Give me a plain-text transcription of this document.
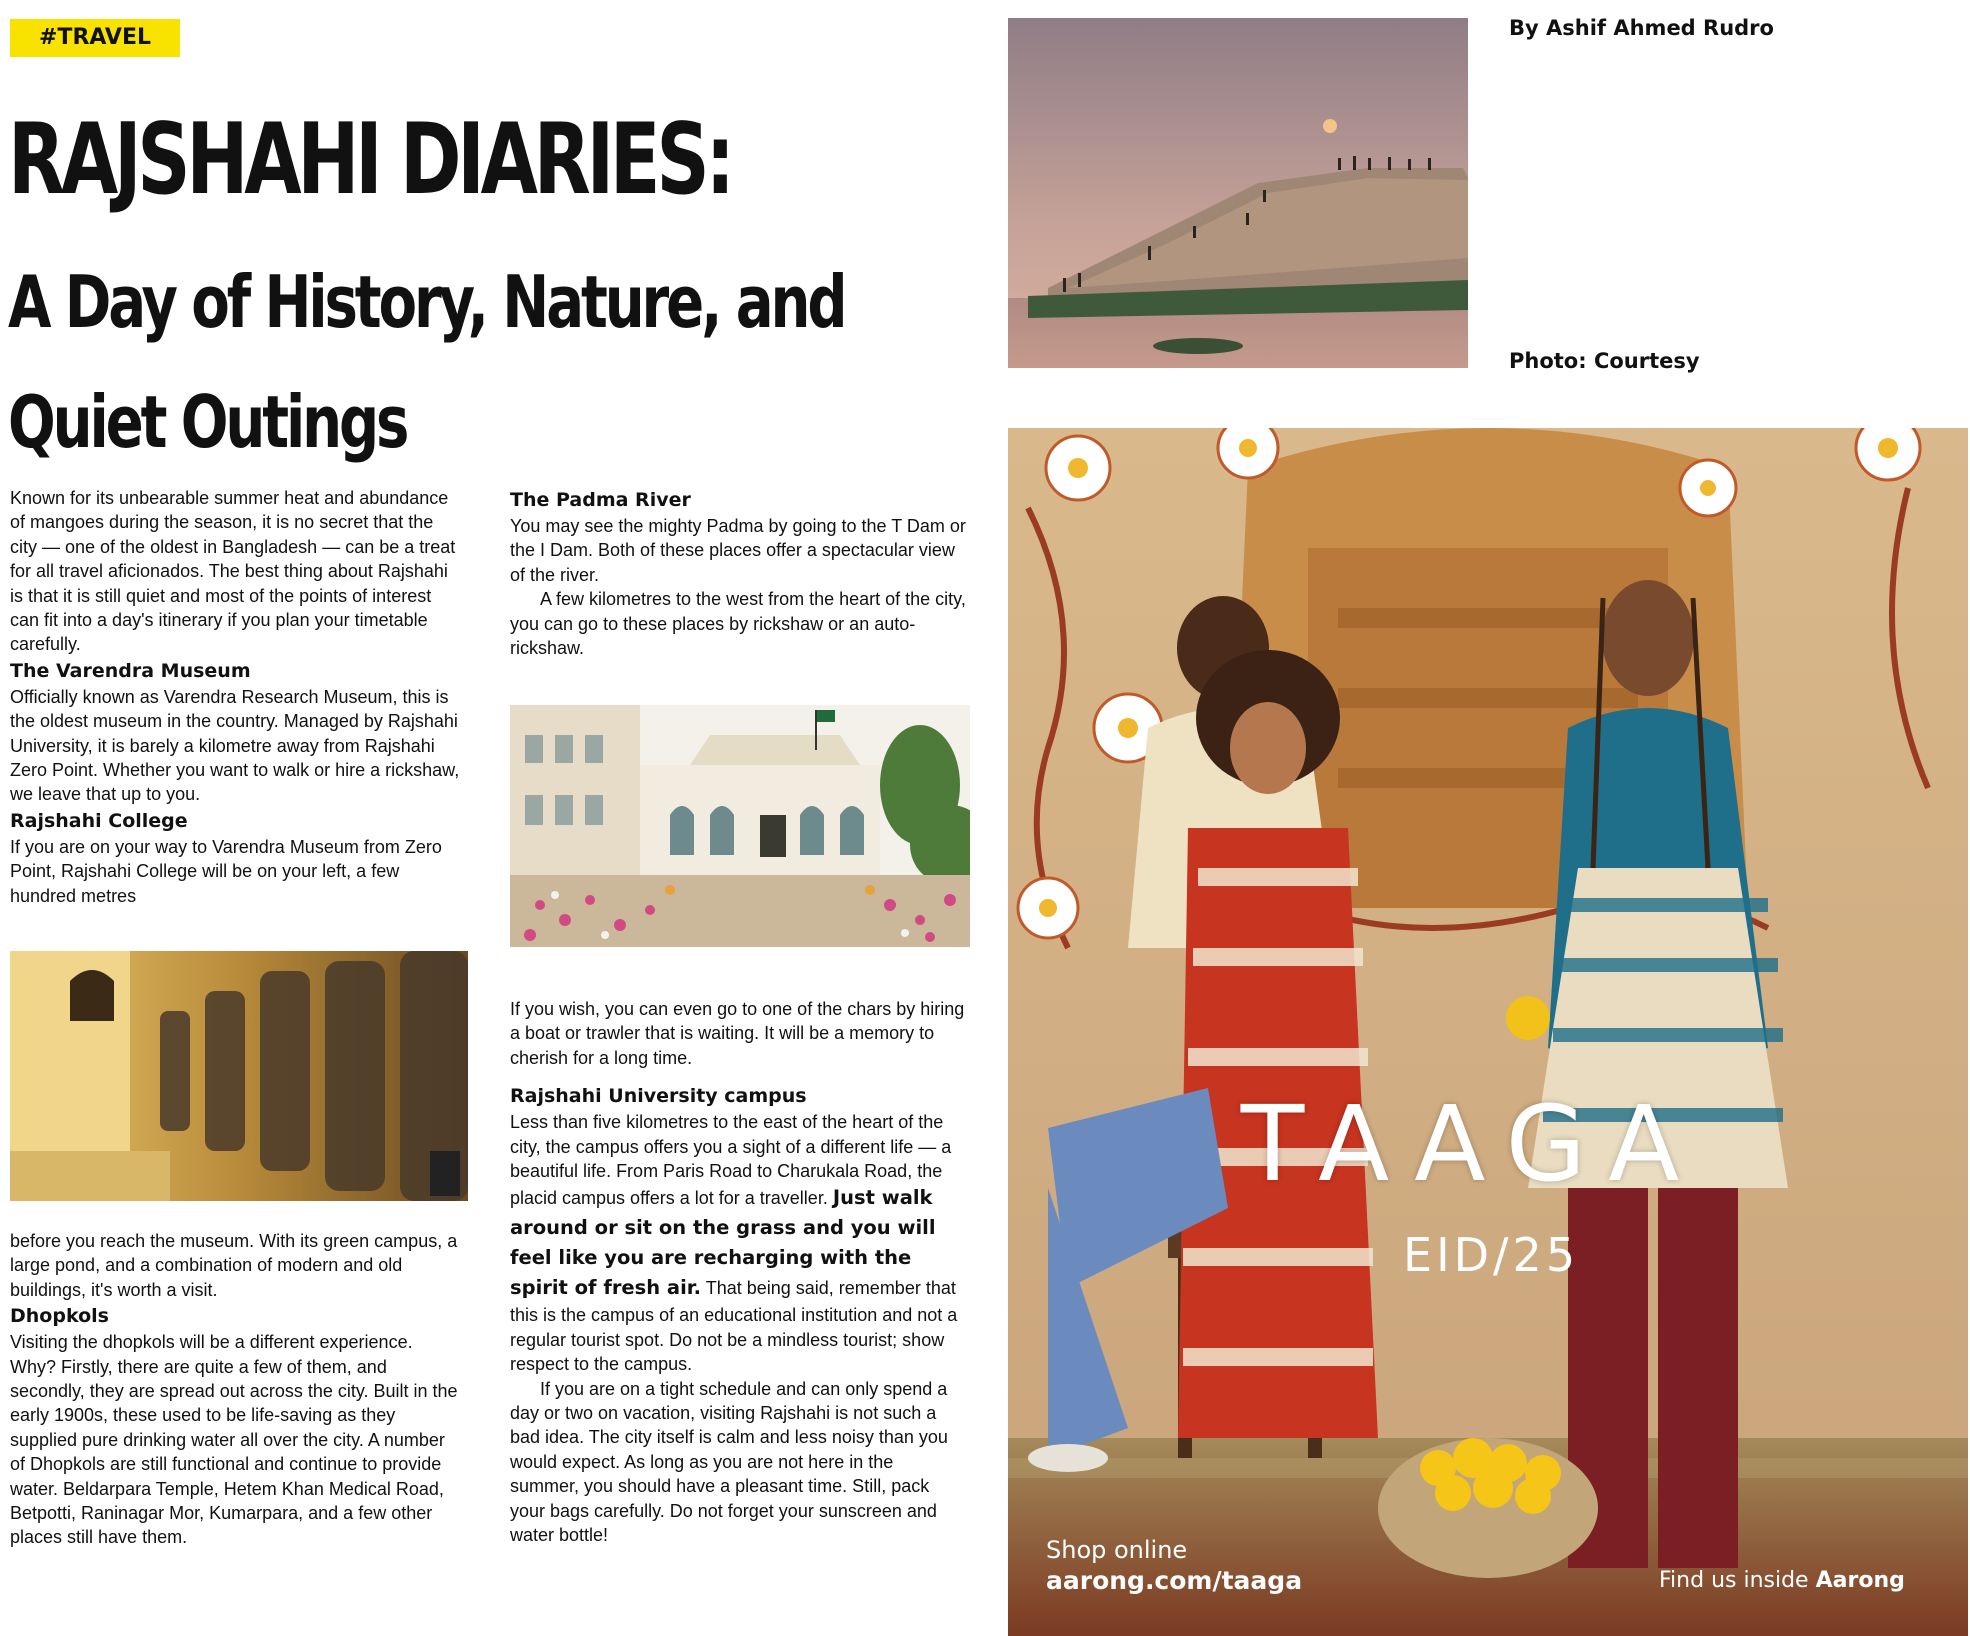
#TRAVEL
RAJSHAHI DIARIES:
A Day of History, Nature, and Quiet Outings
By Ashif Ahmed Rudro
Photo: Courtesy

Known for its unbearable summer heat and abundance of mangoes during the season, it is no secret that the city — one of the oldest in Bangladesh — can be a treat for all travel aficionados. The best thing about Rajshahi is that it is still quiet and most of the points of interest can fit into a day's itinerary if you plan your timetable carefully.

The Varendra Museum

Officially known as Varendra Research Museum, this is the oldest museum in the country. Managed by Rajshahi University, it is barely a kilometre away from Rajshahi Zero Point. Whether you want to walk or hire a rickshaw, we leave that up to you.

Rajshahi College

If you are on your way to Varendra Museum from Zero Point, Rajshahi College will be on your left, a few hundred metres

before you reach the museum. With its green campus, a large pond, and a combination of modern and old buildings, it's worth a visit.

Dhopkols

Visiting the dhopkols will be a different experience. Why? Firstly, there are quite a few of them, and secondly, they are spread out across the city. Built in the early 1900s, these used to be life-saving as they supplied pure drinking water all over the city. A number of Dhopkols are still functional and continue to provide water. Beldarpara Temple, Hetem Khan Medical Road, Betpotti, Raninagar Mor, Kumarpara, and a few other places still have them.

The Padma River

You may see the mighty Padma by going to the T Dam or the I Dam. Both of these places offer a spectacular view of the river.

A few kilometres to the west from the heart of the city, you can go to these places by rickshaw or an auto-rickshaw.

If you wish, you can even go to one of the chars by hiring a boat or trawler that is waiting. It will be a memory to cherish for a long time.

Rajshahi University campus

Less than five kilometres to the east of the heart of the city, the campus offers you a sight of a different life — a beautiful life. From Paris Road to Charukala Road, the placid campus offers a lot for a traveller. Just walk around or sit on the grass and you will feel like you are recharging with the spirit of fresh air. That being said, remember that this is the campus of an educational institution and not a regular tourist spot. Do not be a mindless tourist; show respect to the campus.

If you are on a tight schedule and can only spend a day or two on vacation, visiting Rajshahi is not such a bad idea. The city itself is calm and less noisy than you would expect. As long as you are not here in the summer, you should have a pleasant time. Still, pack your bags carefully. Do not forget your sunscreen and water bottle!

TAAGA
EID/25
Shop online
aarong.com/taaga	Find us inside Aarong
